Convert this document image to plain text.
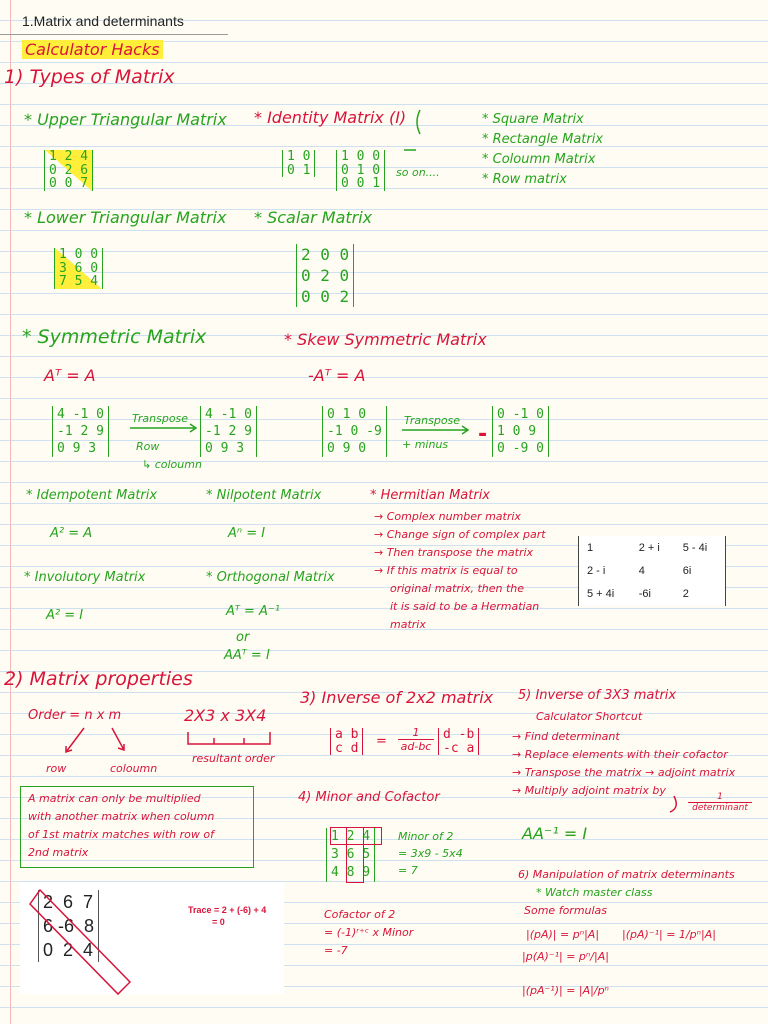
1.Matrix and determinants
Calculator Hacks
1) Types of Matrix
* Upper Triangular Matrix
1 2 4
0 2 6
0 0 7
* Identity Matrix (I)
1 0
0 1
1 0 0
0 1 0
0 0 1
so on....
* Square Matrix
* Rectangle Matrix
* Coloumn Matrix
* Row matrix
* Lower Triangular Matrix
1 0 0
3 6 0
7 5 4
* Scalar Matrix
2 0 0
0 2 0
0 0 2
* Symmetric Matrix
Aᵀ = A
4 -1 0
-1 2 9
0 9 3
Transpose
Row
↳ coloumn
4 -1 0
-1 2 9
0 9 3
* Skew Symmetric Matrix
-Aᵀ = A
0 1 0
-1 0 -9
0 9 0
Transpose
+ minus -
0 -1 0
1 0 9
0 -9 0
* Idempotent Matrix
A² = A
* Nilpotent Matrix
Aⁿ = I
* Hermitian Matrix
→ Complex number matrix
→ Change sign of complex part
→ Then transpose the matrix
→ If this matrix is equal to
original matrix, then the
it is said to be a Hermatian
matrix
1	2 + i	5 - 4i
2 - i	4	6i
5 + 4i	-6i	2
* Involutory Matrix
A² = I
* Orthogonal Matrix
Aᵀ = A⁻¹
or
AAᵀ = I
2) Matrix properties
Order = n x m
row	coloumn
2X3 x 3X4
resultant order
A matrix can only be multiplied
with another matrix when column
of 1st matrix matches with row of
2nd matrix
2  6  7
6 -6  8
0  2  4
Trace = 2 + (-6) + 4
= 0
3) Inverse of 2x2 matrix
a b
c $d = \frac{1}{ad-bc}$ d -b
-c a
4) Minor and Cofactor
1 2 4
3 6 5
4 8 9
Minor of 2
= 3x9 - 5x4
= 7
Cofactor of 2
= (-1)ʳ⁺ᶜ x Minor
= -7
5) Inverse of 3X3 matrix
Calculator Shortcut
→ Find determinant
→ Replace elements with their cofactor
→ Transpose the matrix → adjoint matrix
→ Multiply adjoint matrix by	1
determinant
AA⁻¹ = I
6) Manipulation of matrix determinants
* Watch master class
Some formulas
|(pA)| = pⁿ|A| |(pA)⁻¹| = 1/pⁿ|A|
|p(A)⁻¹| = pⁿ/|A|
|(pA⁻¹)| = |A|/pⁿ
